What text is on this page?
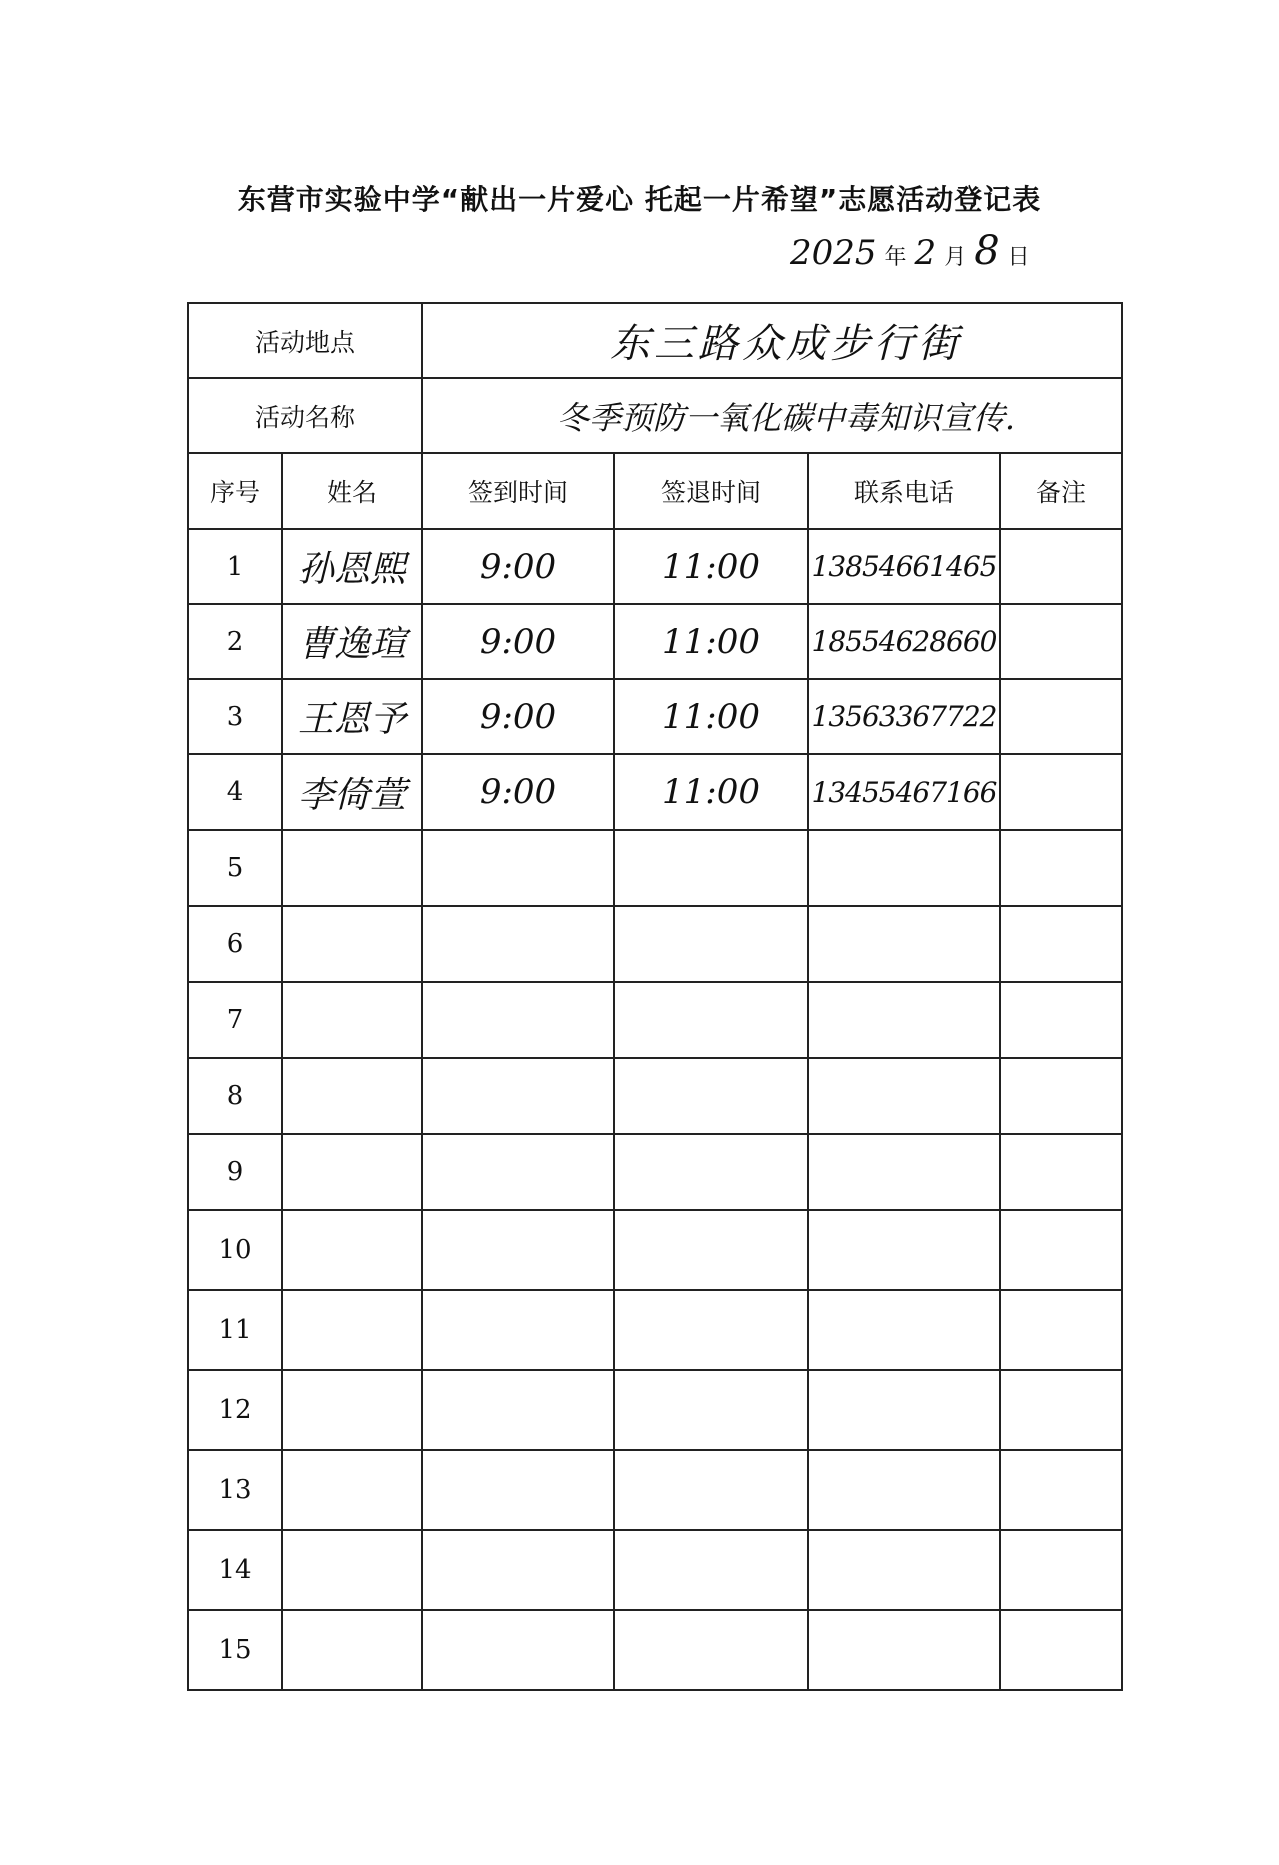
东营市实验中学“献出一片爱心 托起一片希望”志愿活动登记表
2025 年 2 月 8 日
活动地点		东三路众成步行街			
活动名称		冬季预防一氧化碳中毒知识宣传.			
序号	姓名	签到时间	签退时间	联系电话	备注
1	孙恩熙	9:00	11:00	13854661465	
2	曹逸瑄	9:00	11:00	18554628660	
3	王恩予	9:00	11:00	13563367722	
4	李倚萱	9:00	11:00	13455467166	
5					
6					
7					
8					
9					
10					
11					
12					
13					
14					
15					
